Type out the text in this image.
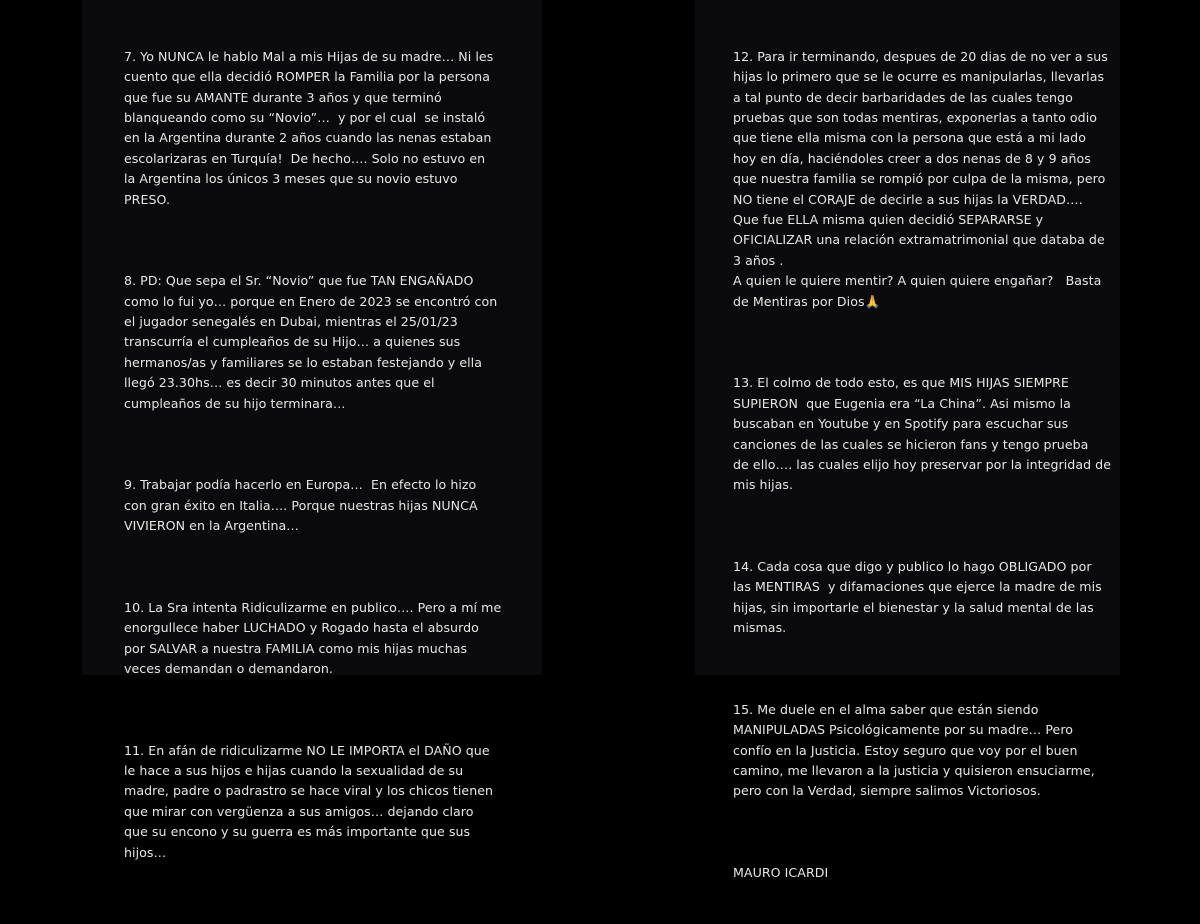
7. Yo NUNCA le hablo Mal a mis Hijas de su madre… Ni les
cuento que ella decidió ROMPER la Familia por la persona
que fue su AMANTE durante 3 años y que terminó
blanqueando como su “Novio”…  y por el cual  se instaló
en la Argentina durante 2 años cuando las nenas estaban
escolarizaras en Turquía!  De hecho…. Solo no estuvo en
la Argentina los únicos 3 meses que su novio estuvo
PRESO.

8. PD: Que sepa el Sr. “Novio” que fue TAN ENGAÑADO
como lo fui yo… porque en Enero de 2023 se encontró con
el jugador senegalés en Dubai, mientras el 25/01/23
transcurría el cumpleaños de su Hijo… a quienes sus
hermanos/as y familiares se lo estaban festejando y ella
llegó 23.30hs… es decir 30 minutos antes que el
cumpleaños de su hijo terminara…

9. Trabajar podía hacerlo en Europa…  En efecto lo hizo
con gran éxito en Italia…. Porque nuestras hijas NUNCA
VIVIERON en la Argentina…

10. La Sra intenta Ridiculizarme en publico…. Pero a mí me
enorgullece haber LUCHADO y Rogado hasta el absurdo
por SALVAR a nuestra FAMILIA como mis hijas muchas
veces demandan o demandaron.

11. En afán de ridiculizarme NO LE IMPORTA el DAÑO que
le hace a sus hijos e hijas cuando la sexualidad de su
madre, padre o padrastro se hace viral y los chicos tienen
que mirar con vergüenza a sus amigos… dejando claro
que su encono y su guerra es más importante que sus
hijos…

12. Para ir terminando, despues de 20 dias de no ver a sus
hijas lo primero que se le ocurre es manipularlas, llevarlas
a tal punto de decir barbaridades de las cuales tengo
pruebas que son todas mentiras, exponerlas a tanto odio
que tiene ella misma con la persona que está a mi lado
hoy en día, haciéndoles creer a dos nenas de 8 y 9 años
que nuestra familia se rompió por culpa de la misma, pero
NO tiene el CORAJE de decirle a sus hijas la VERDAD….
Que fue ELLA misma quien decidió SEPARARSE y
OFICIALIZAR una relación extramatrimonial que databa de
3 años .
A quien le quiere mentir? A quien quiere engañar?   Basta
de Mentiras por Dios🙏

13. El colmo de todo esto, es que MIS HIJAS SIEMPRE
SUPIERON  que Eugenia era “La China”. Asi mismo la
buscaban en Youtube y en Spotify para escuchar sus
canciones de las cuales se hicieron fans y tengo prueba
de ello…. las cuales elijo hoy preservar por la integridad de
mis hijas.

14. Cada cosa que digo y publico lo hago OBLIGADO por
las MENTIRAS  y difamaciones que ejerce la madre de mis
hijas, sin importarle el bienestar y la salud mental de las
mismas.

15. Me duele en el alma saber que están siendo
MANIPULADAS Psicológicamente por su madre… Pero
confío en la Justicia. Estoy seguro que voy por el buen
camino, me llevaron a la justicia y quisieron ensuciarme,
pero con la Verdad, siempre salimos Victoriosos.

MAURO ICARDI
